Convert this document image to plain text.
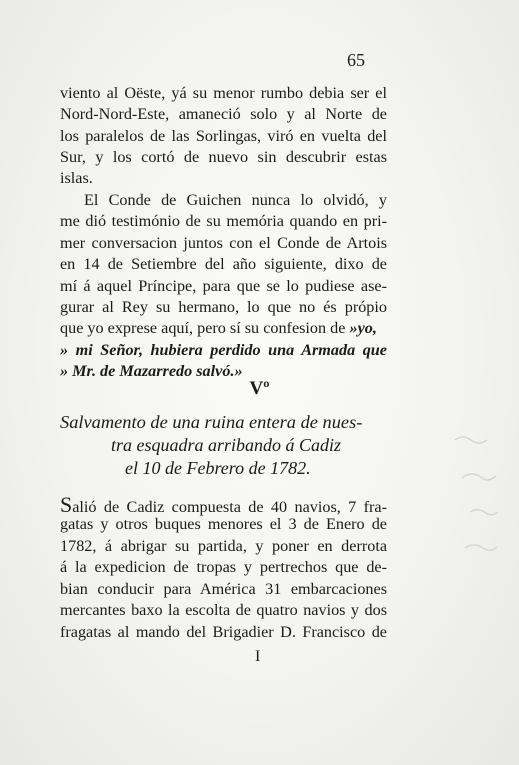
65
viento al Oëste, yá su menor rumbo debia ser el
Nord-Nord-Este, amaneció solo y al Norte de
los paralelos de las Sorlingas, viró en vuelta del
Sur, y los cortó de nuevo sin descubrir estas
islas.
El Conde de Guichen nunca lo olvidó, y
me dió testimónio de su memória quando en pri-
mer conversacion juntos con el Conde de Artois
en 14 de Setiembre del año siguiente, dixo de
mí á aquel Príncipe, para que se lo pudiese ase-
gurar al Rey su hermano, lo que no és própio
que yo exprese aquí, pero sí su confesion de »yo,
» mi Señor, hubiera perdido una Armada que
» Mr. de Mazarredo salvó.»
Vº
Salvamento de una ruina entera de nues-
tra esquadra arribando á Cadiz
el 10 de Febrero de 1782.
Salió de Cadiz compuesta de 40 navios, 7 fra-
gatas y otros buques menores el 3 de Enero de
1782, á abrigar su partida, y poner en derrota
á la expedicion de tropas y pertrechos que de-
bian conducir para América 31 embarcaciones
mercantes baxo la escolta de quatro navios y dos
fragatas al mando del Brigadier D. Francisco de
I
